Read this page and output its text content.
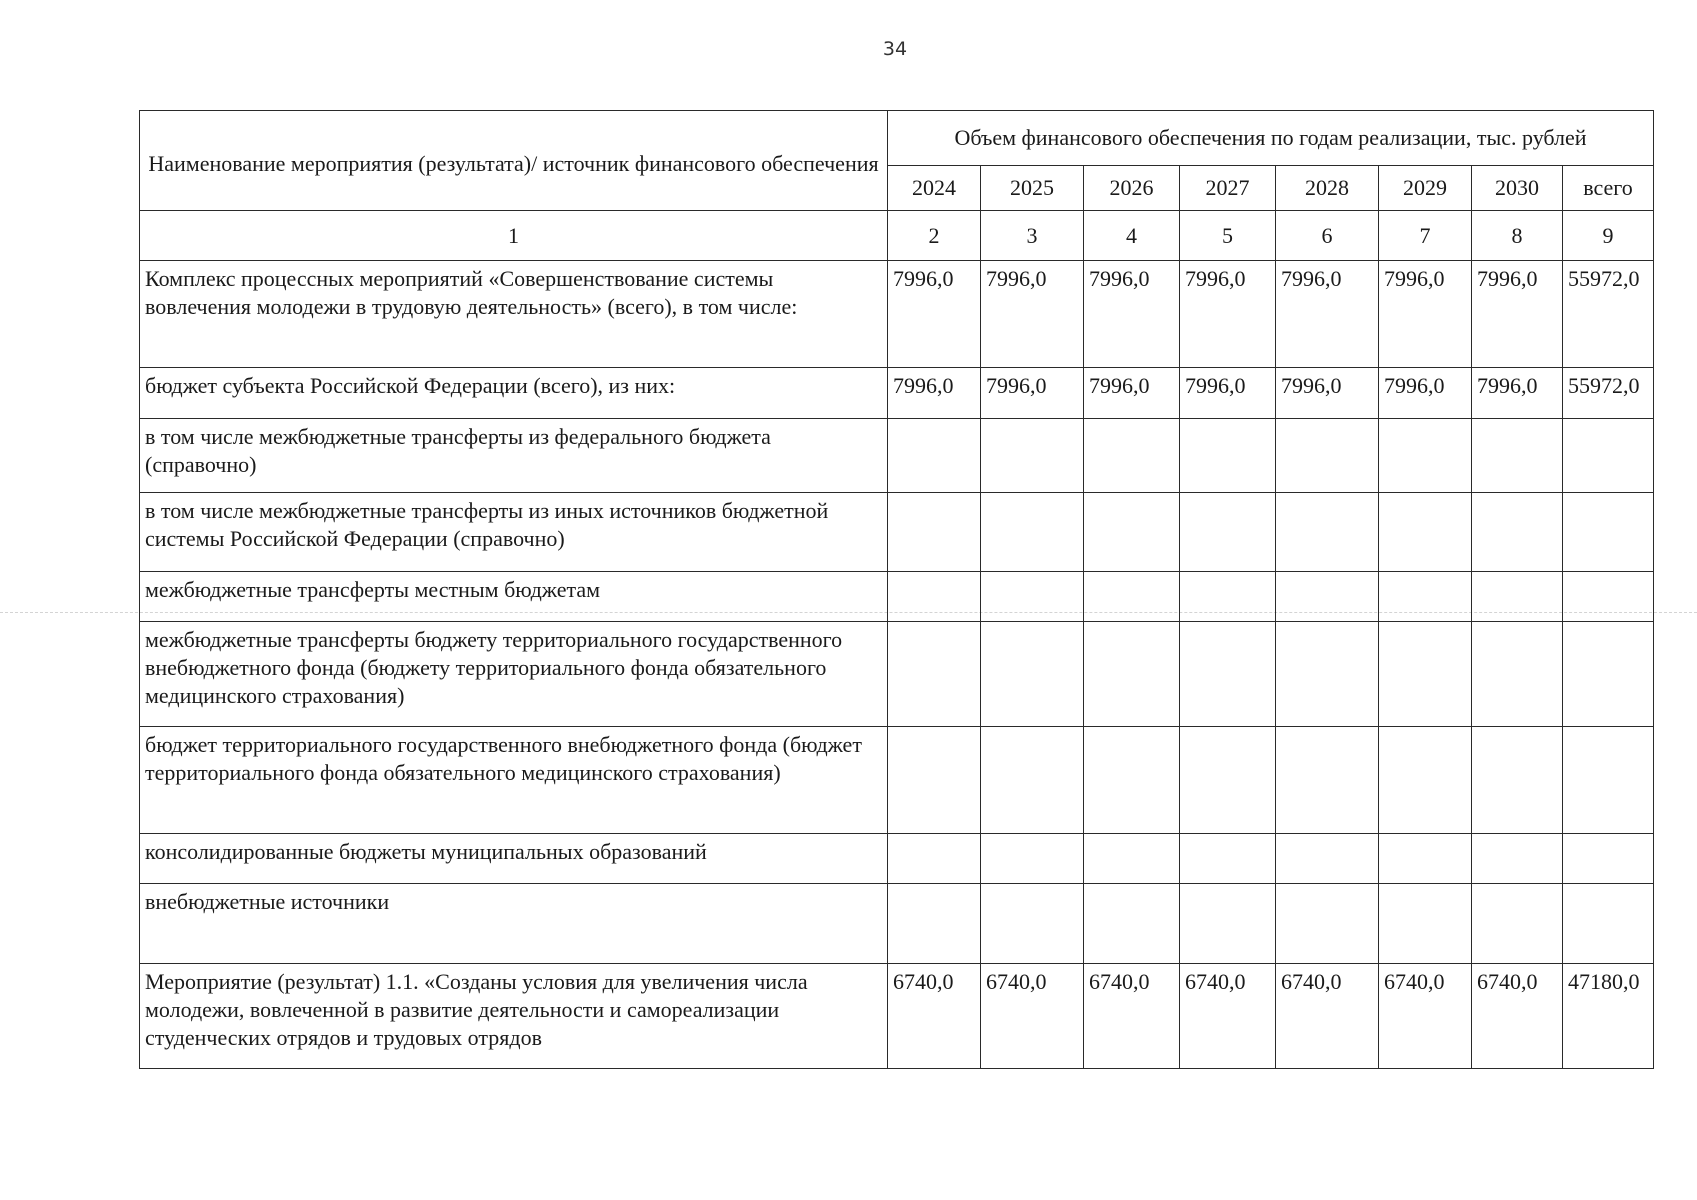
34
Наименование мероприятия (результата)/ источник финансового обеспечения	Объем финансового обеспечения по годам реализации, тыс. рублей							
	2024	2025	2026	2027	2028	2029	2030	всего
1	2	3	4	5	6	7	8	9
Комплекс процессных мероприятий «Совершенствование системы вовлечения молодежи в трудовую деятельность» (всего), в том числе:	7996,0	7996,0	7996,0	7996,0	7996,0	7996,0	7996,0	55972,0
бюджет субъекта Российской Федерации (всего), из них:	7996,0	7996,0	7996,0	7996,0	7996,0	7996,0	7996,0	55972,0
в том числе межбюджетные трансферты из федерального бюджета (справочно)								
в том числе межбюджетные трансферты из иных источников бюджетной системы Российской Федерации (справочно)								
межбюджетные трансферты местным бюджетам								
межбюджетные трансферты бюджету территориального государственного внебюджетного фонда (бюджету территориального фонда обязательного медицинского страхования)								
бюджет территориального государственного внебюджетного фонда (бюджет территориального фонда обязательного медицинского страхования)								
консолидированные бюджеты муниципальных образований								
внебюджетные источники								
Мероприятие (результат) 1.1. «Созданы условия для увеличения числа молодежи, вовлеченной в развитие деятельности и самореализации студенческих отрядов и трудовых отрядов	6740,0	6740,0	6740,0	6740,0	6740,0	6740,0	6740,0	47180,0
